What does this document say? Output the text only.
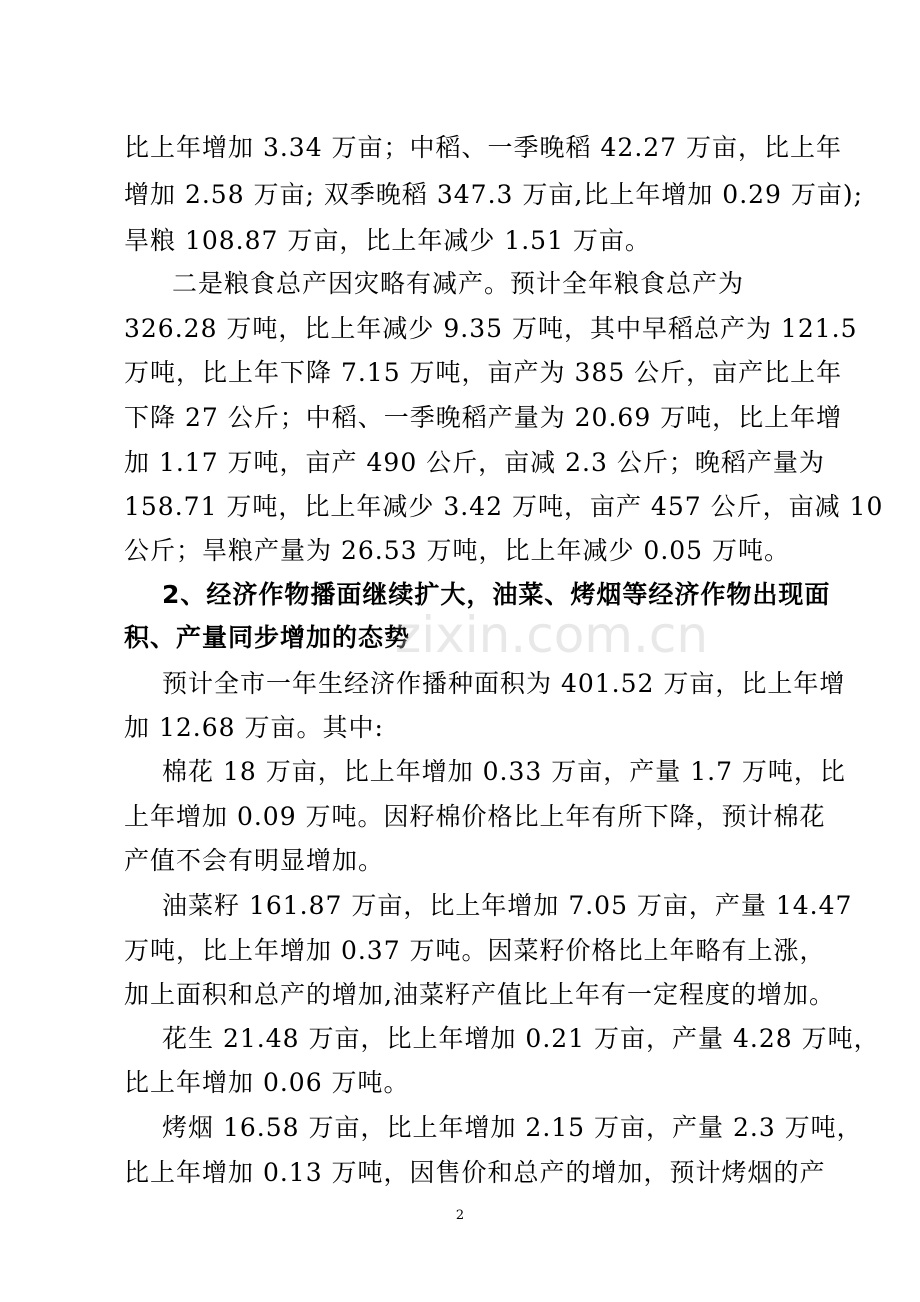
比上年增加 3.34 万亩；中稻、一季晚稻 42.27 万亩，比上年
增加 2.58 万亩; 双季晚稻 347.3 万亩,比上年增加 0.29 万亩);
旱粮 108.87 万亩，比上年减少 1.51 万亩。
二是粮食总产因灾略有减产。预计全年粮食总产为
326.28 万吨，比上年减少 9.35 万吨，其中早稻总产为 121.5
万吨，比上年下降 7.15 万吨，亩产为 385 公斤，亩产比上年
下降 27 公斤；中稻、一季晚稻产量为 20.69 万吨，比上年增
加 1.17 万吨，亩产 490 公斤，亩减 2.3 公斤；晚稻产量为
158.71 万吨，比上年减少 3.42 万吨，亩产 457 公斤，亩减 10
公斤；旱粮产量为 26.53 万吨，比上年减少 0.05 万吨。
2、经济作物播面继续扩大，油菜、烤烟等经济作物出现面
积、产量同步增加的态势
zixin.com.cn
预计全市一年生经济作播种面积为 401.52 万亩，比上年增
加 12.68 万亩。其中:
棉花 18 万亩，比上年增加 0.33 万亩，产量 1.7 万吨，比
上年增加 0.09 万吨。因籽棉价格比上年有所下降，预计棉花
产值不会有明显增加。
油菜籽 161.87 万亩，比上年增加 7.05 万亩，产量 14.47
万吨，比上年增加 0.37 万吨。因菜籽价格比上年略有上涨，
加上面积和总产的增加,油菜籽产值比上年有一定程度的增加。
花生 21.48 万亩，比上年增加 0.21 万亩，产量 4.28 万吨，
比上年增加 0.06 万吨。
烤烟 16.58 万亩，比上年增加 2.15 万亩，产量 2.3 万吨，
比上年增加 0.13 万吨，因售价和总产的增加，预计烤烟的产
2
